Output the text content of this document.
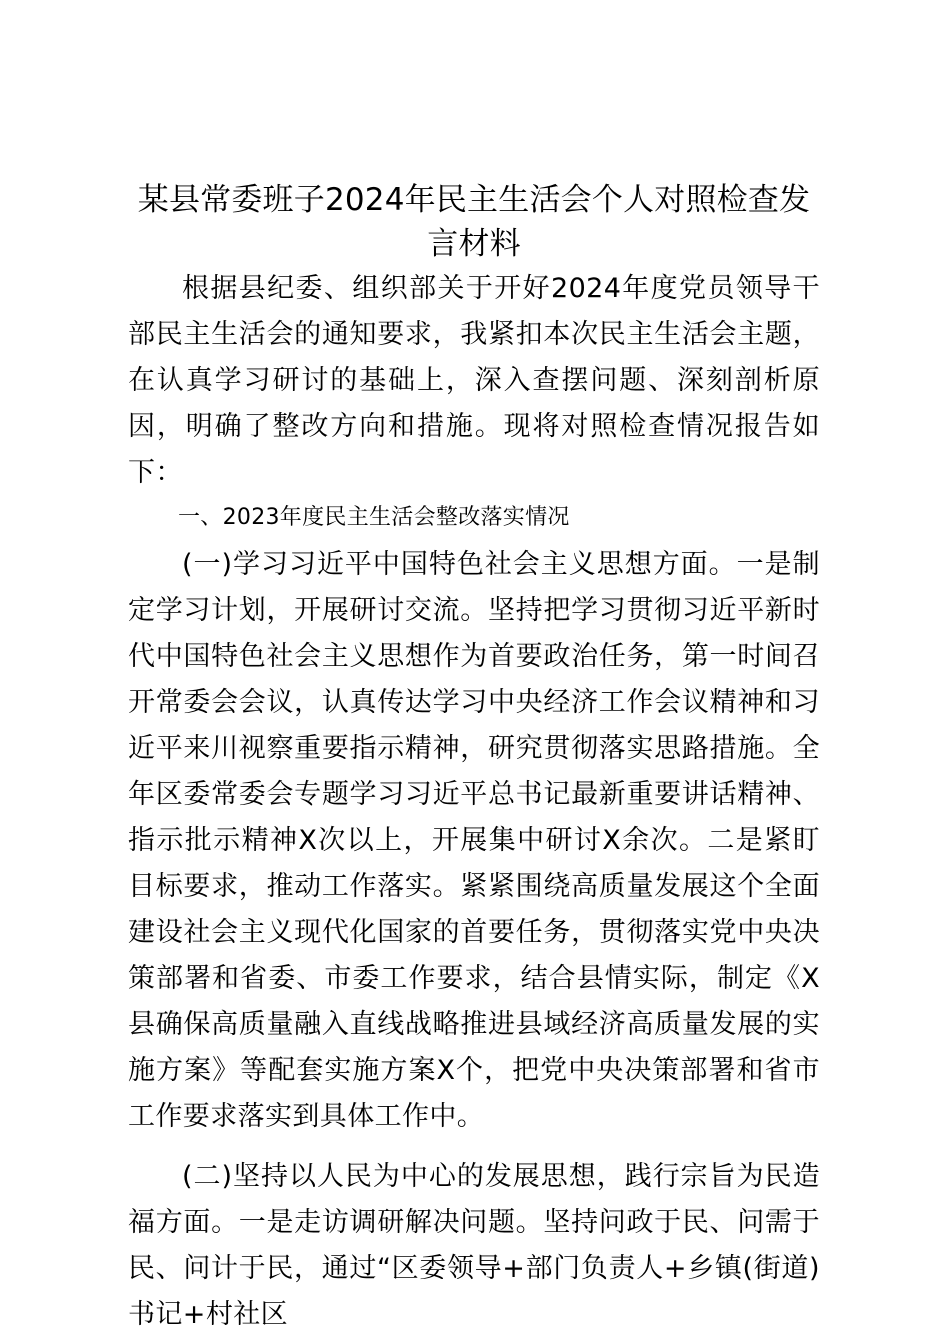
某县常委班子2024年民主生活会个人对照检查发言材料

根据县纪委、组织部关于开好2024年度党员领导干部民主生活会的通知要求，我紧扣本次民主生活会主题，在认真学习研讨的基础上，深入查摆问题、深刻剖析原因，明确了整改方向和措施。现将对照检查情况报告如下：

一、2023年度民主生活会整改落实情况

(一)学习习近平中国特色社会主义思想方面。一是制定学习计划，开展研讨交流。坚持把学习贯彻习近平新时代中国特色社会主义思想作为首要政治任务，第一时间召开常委会会议，认真传达学习中央经济工作会议精神和习近平来川视察重要指示精神，研究贯彻落实思路措施。全年区委常委会专题学习习近平总书记最新重要讲话精神、指示批示精神X次以上，开展集中研讨X余次。二是紧盯目标要求，推动工作落实。紧紧围绕高质量发展这个全面建设社会主义现代化国家的首要任务，贯彻落实党中央决策部署和省委、市委工作要求，结合县情实际，制定《X县确保高质量融入直线战略推进县域经济高质量发展的实施方案》等配套实施方案X个，把党中央决策部署和省市工作要求落实到具体工作中。

(二)坚持以人民为中心的发展思想，践行宗旨为民造福方面。一是走访调研解决问题。坚持问政于民、问需于民、问计于民，通过“区委领导+部门负责人+乡镇(街道)书记+村社区
